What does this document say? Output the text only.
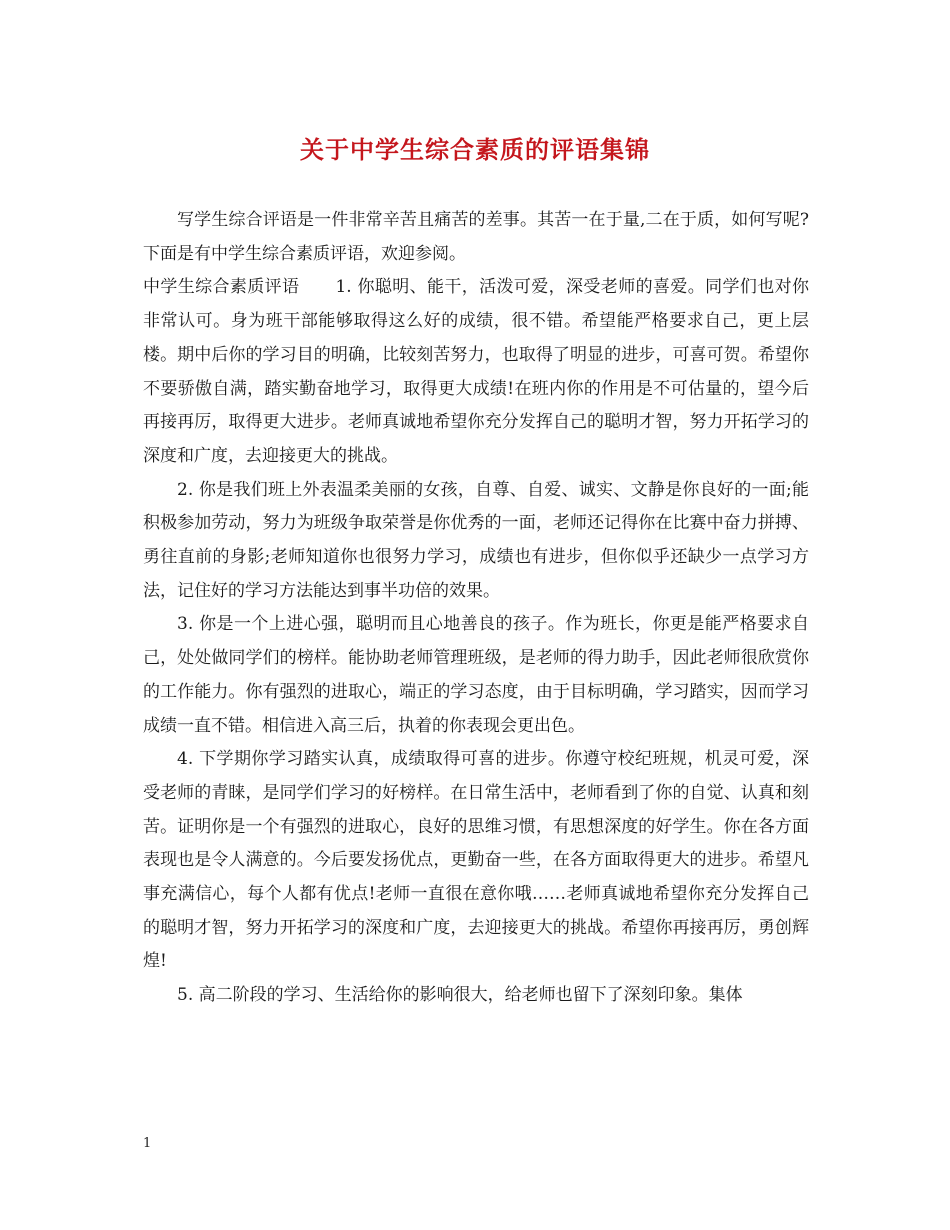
关于中学生综合素质的评语集锦

写学生综合评语是一件非常辛苦且痛苦的差事。其苦一在于量,二在于质，如何写呢?下面是有中学生综合素质评语，欢迎参阅。

中学生综合素质评语 1. 你聪明、能干，活泼可爱，深受老师的喜爱。同学们也对你非常认可。身为班干部能够取得这么好的成绩，很不错。希望能严格要求自己，更上层楼。期中后你的学习目的明确，比较刻苦努力，也取得了明显的进步，可喜可贺。希望你不要骄傲自满，踏实勤奋地学习，取得更大成绩!在班内你的作用是不可估量的，望今后再接再厉，取得更大进步。老师真诚地希望你充分发挥自己的聪明才智，努力开拓学习的深度和广度，去迎接更大的挑战。

2. 你是我们班上外表温柔美丽的女孩，自尊、自爱、诚实、文静是你良好的一面;能积极参加劳动，努力为班级争取荣誉是你优秀的一面，老师还记得你在比赛中奋力拼搏、勇往直前的身影;老师知道你也很努力学习，成绩也有进步，但你似乎还缺少一点学习方法，记住好的学习方法能达到事半功倍的效果。

3. 你是一个上进心强，聪明而且心地善良的孩子。作为班长，你更是能严格要求自己，处处做同学们的榜样。能协助老师管理班级，是老师的得力助手，因此老师很欣赏你的工作能力。你有强烈的进取心，端正的学习态度，由于目标明确，学习踏实，因而学习成绩一直不错。相信进入高三后，执着的你表现会更出色。

4. 下学期你学习踏实认真，成绩取得可喜的进步。你遵守校纪班规，机灵可爱，深受老师的青睐，是同学们学习的好榜样。在日常生活中，老师看到了你的自觉、认真和刻苦。证明你是一个有强烈的进取心，良好的思维习惯，有思想深度的好学生。你在各方面表现也是令人满意的。今后要发扬优点，更勤奋一些，在各方面取得更大的进步。希望凡事充满信心，每个人都有优点!老师一直很在意你哦……老师真诚地希望你充分发挥自己的聪明才智，努力开拓学习的深度和广度，去迎接更大的挑战。希望你再接再厉，勇创辉煌!

5. 高二阶段的学习、生活给你的影响很大，给老师也留下了深刻印象。集体

1
